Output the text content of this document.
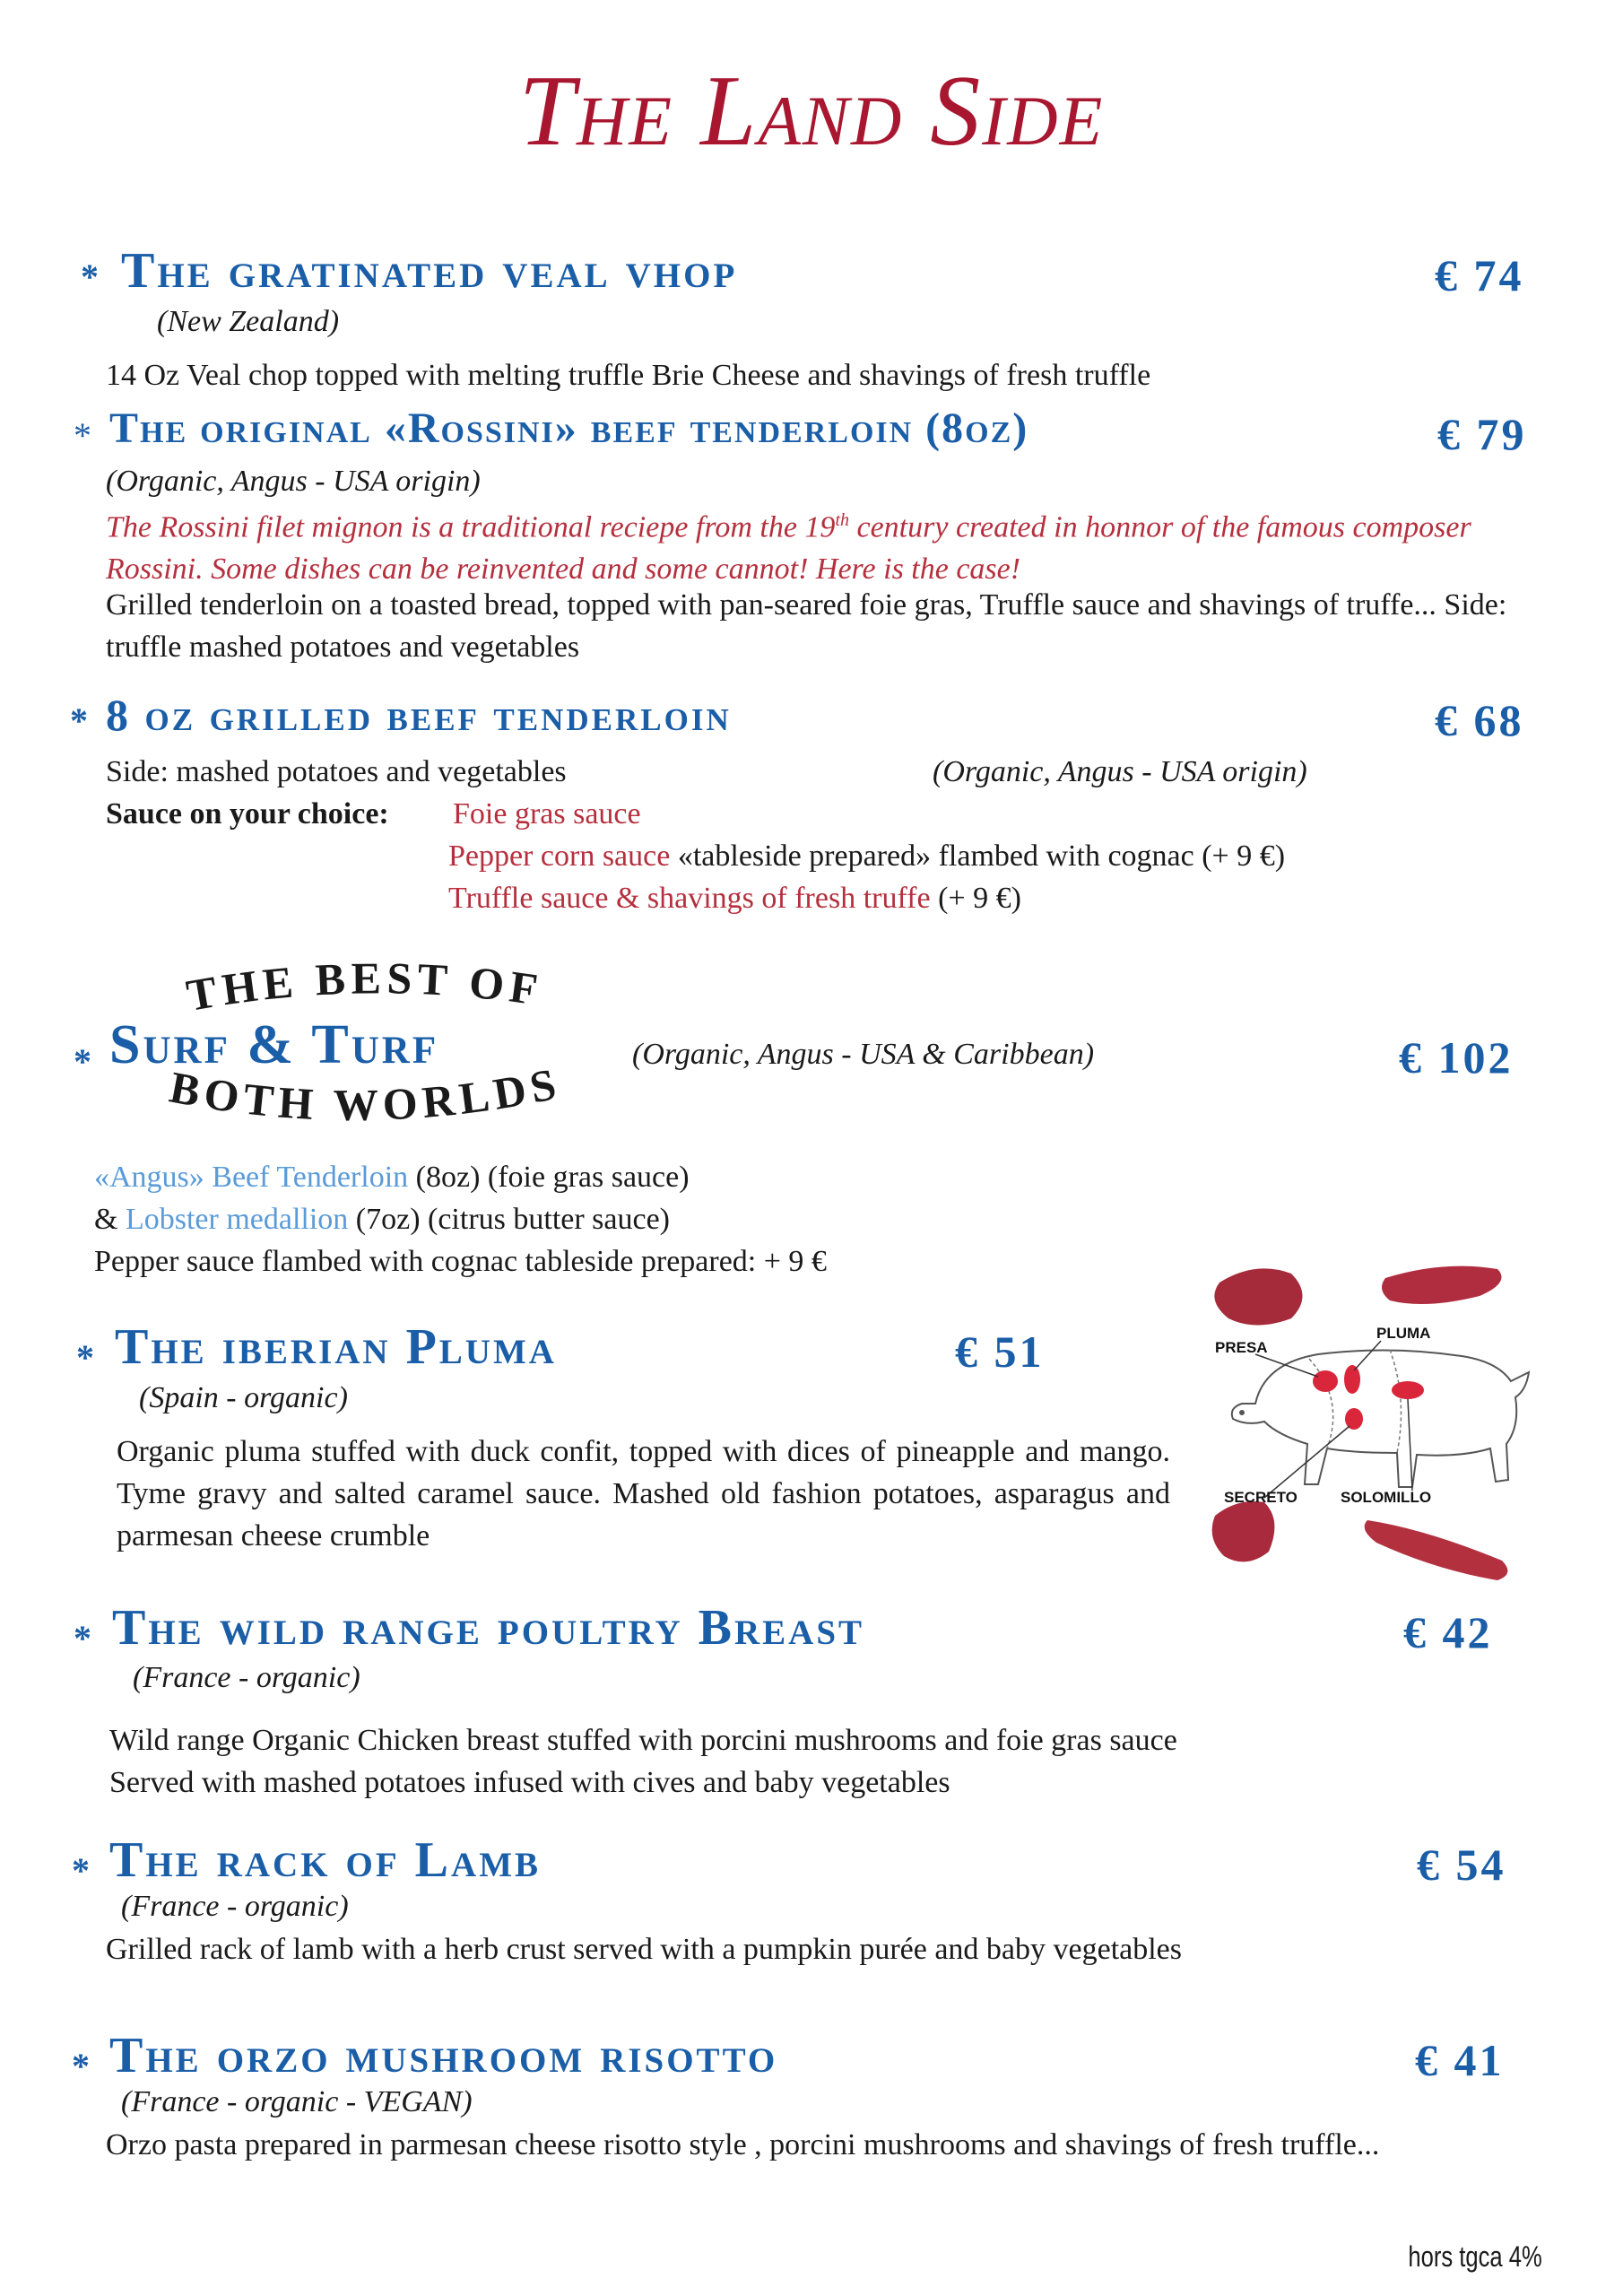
The Land Side
* The gratinated veal vhop	€ 74
(New Zealand)
14 Oz Veal chop topped with melting truffle Brie Cheese and shavings of fresh truffle
* The original «Rossini» beef tenderloin (8oz)	€ 79
(Organic, Angus - USA origin)
The Rossini filet mignon is a traditional reciepe from the 19th century created in honnor of the famous composer Rossini. Some dishes can be reinvented and some cannot! Here is the case!
Grilled tenderloin on a toasted bread, topped with pan-seared foie gras, Truffle sauce and shavings of truffe... Side: truffle mashed potatoes and vegetables
* 8 oz grilled beef tenderloin	€ 68
Side: mashed potatoes and vegetables	(Organic, Angus - USA origin)
Sauce on your choice: Foie gras sauce
Pepper corn sauce «tableside prepared» flambed with cognac (+ 9 €)
Truffle sauce & shavings of fresh truffe (+ 9 €)
THE BEST OF
BOTH WORLDS
* Surf & Turf	(Organic, Angus - USA & Caribbean)	€ 102
«Angus» Beef Tenderloin (8oz) (foie gras sauce)
& Lobster medallion (7oz) (citrus butter sauce)
Pepper sauce flambed with cognac tableside prepared: + 9 €
* The iberian Pluma	€ 51
(Spain - organic)
Organic pluma stuffed with duck confit, topped with dices of pineapple and mango. Tyme gravy and salted caramel sauce. Mashed old fashion potatoes, asparagus and parmesan cheese crumble
PRESA
PLUMA
SECRETO	SOLOMILLO
* The wild range poultry Breast	€ 42
(France - organic)
Wild range Organic Chicken breast stuffed with porcini mushrooms and foie gras sauce
Served with mashed potatoes infused with cives and baby vegetables
* The rack of Lamb	€ 54
(France - organic)
Grilled rack of lamb with a herb crust served with a pumpkin purée and baby vegetables
* The orzo mushroom risotto	€ 41
(France - organic - VEGAN)
Orzo pasta prepared in parmesan cheese risotto style , porcini mushrooms and shavings of fresh truffle...
hors tgca 4%
